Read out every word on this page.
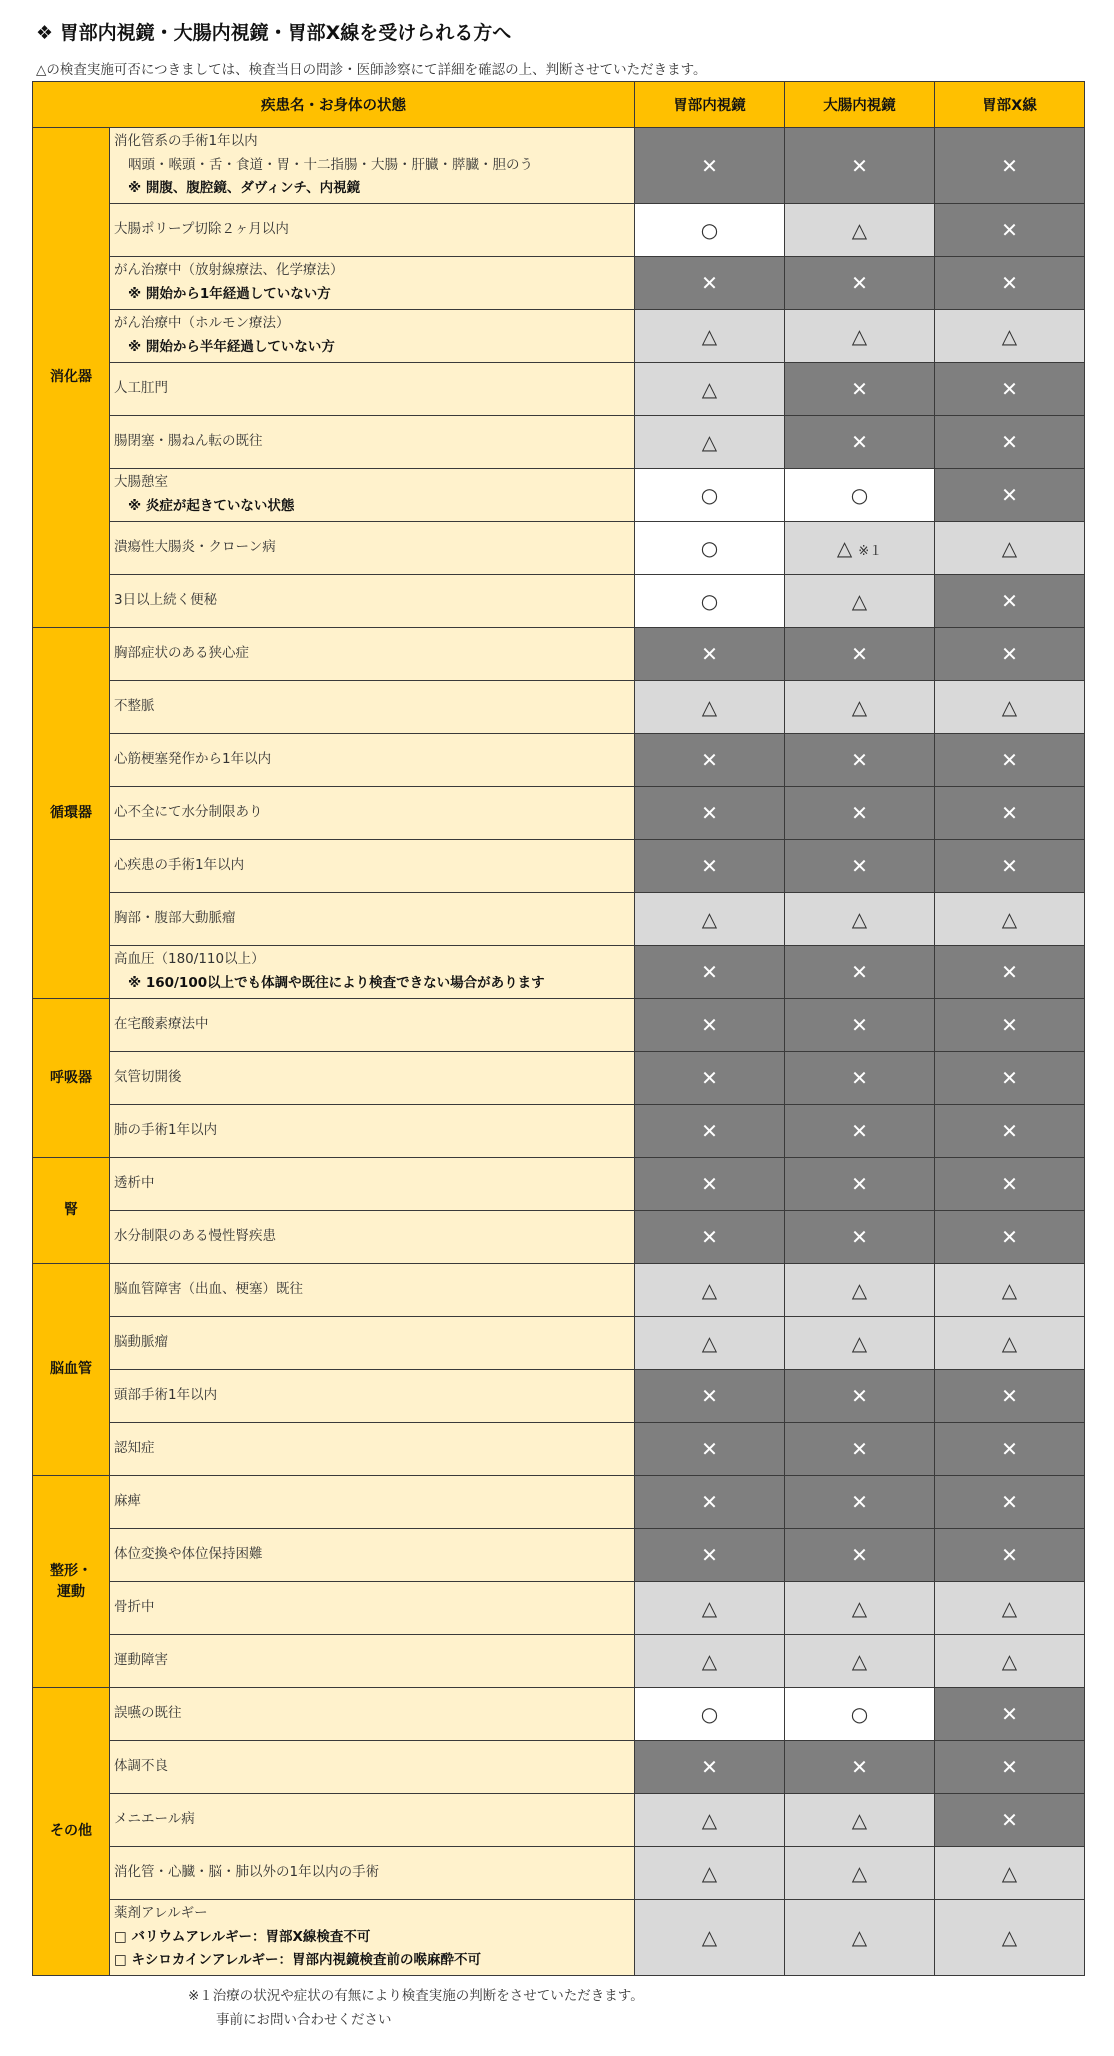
❖ 胃部内視鏡・大腸内視鏡・胃部X線を受けられる方へ
△の検査実施可否につきましては、検査当日の問診・医師診察にて詳細を確認の上、判断させていただきます。
疾患名・お身体の状態		胃部内視鏡	大腸内視鏡	胃部X線
消化器	消化管系の手術1年以内
咽頭・喉頭・舌・食道・胃・十二指腸・大腸・肝臓・膵臓・胆のう
※ 開腹、腹腔鏡、ダヴィンチ、内視鏡	✕	✕	✕

	大腸ポリープ切除２ヶ月以内	○	△	✕

	がん治療中（放射線療法、化学療法）
※ 開始から1年経過していない方	✕	✕	✕

	がん治療中（ホルモン療法）
※ 開始から半年経過していない方	△	△	△

	人工肛門	△	✕	✕

	腸閉塞・腸ねん転の既往	△	✕	✕

	大腸憩室
※ 炎症が起きていない状態	○	○	✕

	潰瘍性大腸炎・クローン病	○	△ ※１	△

	3日以上続く便秘	○	△	✕
循環器	胸部症状のある狭心症	✕	✕	✕

	不整脈	△	△	△

	心筋梗塞発作から1年以内	✕	✕	✕

	心不全にて水分制限あり	✕	✕	✕

	心疾患の手術1年以内	✕	✕	✕

	胸部・腹部大動脈瘤	△	△	△

	高血圧（180/110以上）
※ 160/100以上でも体調や既往により検査できない場合があります	✕	✕	✕
呼吸器	在宅酸素療法中	✕	✕	✕

	気管切開後	✕	✕	✕

	肺の手術1年以内	✕	✕	✕
腎	透析中	✕	✕	✕

	水分制限のある慢性腎疾患	✕	✕	✕
脳血管	脳血管障害（出血、梗塞）既往	△	△	△

	脳動脈瘤	△	△	△

	頭部手術1年以内	✕	✕	✕

	認知症	✕	✕	✕
整形・
運動	麻痺	✕	✕	✕

	体位変換や体位保持困難	✕	✕	✕

	骨折中	△	△	△

	運動障害	△	△	△
その他	誤嚥の既往	○	○	✕

	体調不良	✕	✕	✕

	メニエール病	△	△	✕

	消化管・心臓・脳・肺以外の1年以内の手術	△	△	△

	薬剤アレルギー
□ バリウムアレルギー：胃部X線検査不可
□ キシロカインアレルギー：胃部内視鏡検査前の喉麻酔不可	△	△	△
※１治療の状況や症状の有無により検査実施の判断をさせていただきます。
事前にお問い合わせください
